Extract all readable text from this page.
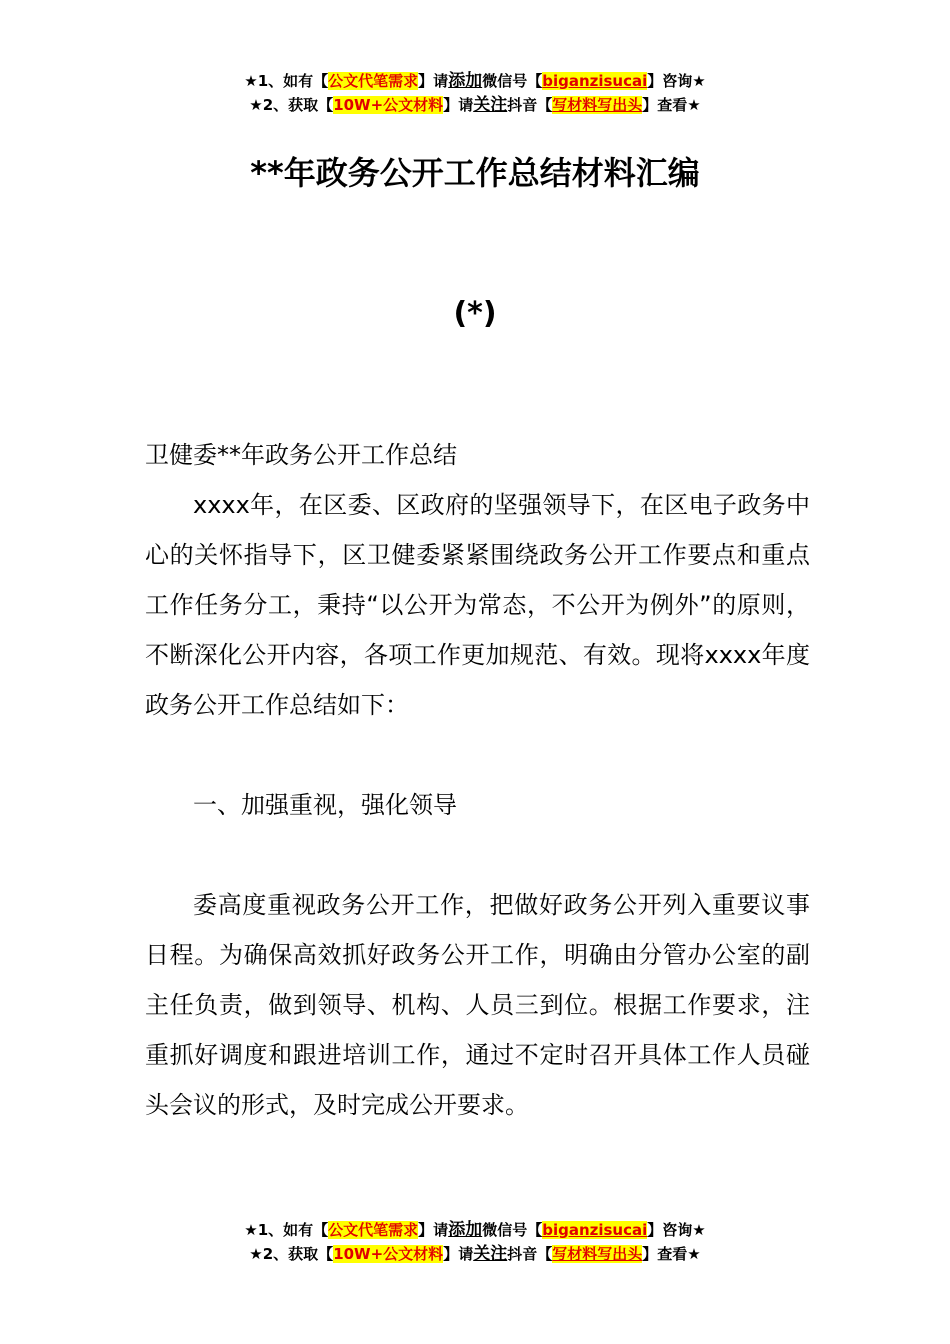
★1、如有【公文代笔需求】请添加微信号【biganzisucai】咨询★
★2、获取【10W+公文材料】请关注抖音【写材料写出头】查看★
**年政务公开工作总结材料汇编
(*)

卫健委**年政务公开工作总结

xxxx年，在区委、区政府的坚强领导下，在区电子政务中心的关怀指导下，区卫健委紧紧围绕政务公开工作要点和重点工作任务分工，秉持“以公开为常态，不公开为例外”的原则，不断深化公开内容，各项工作更加规范、有效。现将xxxx年度政务公开工作总结如下：

一、加强重视，强化领导

委高度重视政务公开工作，把做好政务公开列入重要议事日程。为确保高效抓好政务公开工作，明确由分管办公室的副主任负责，做到领导、机构、人员三到位。根据工作要求，注重抓好调度和跟进培训工作，通过不定时召开具体工作人员碰头会议的形式，及时完成公开要求。

★1、如有【公文代笔需求】请添加微信号【biganzisucai】咨询★
★2、获取【10W+公文材料】请关注抖音【写材料写出头】查看★
